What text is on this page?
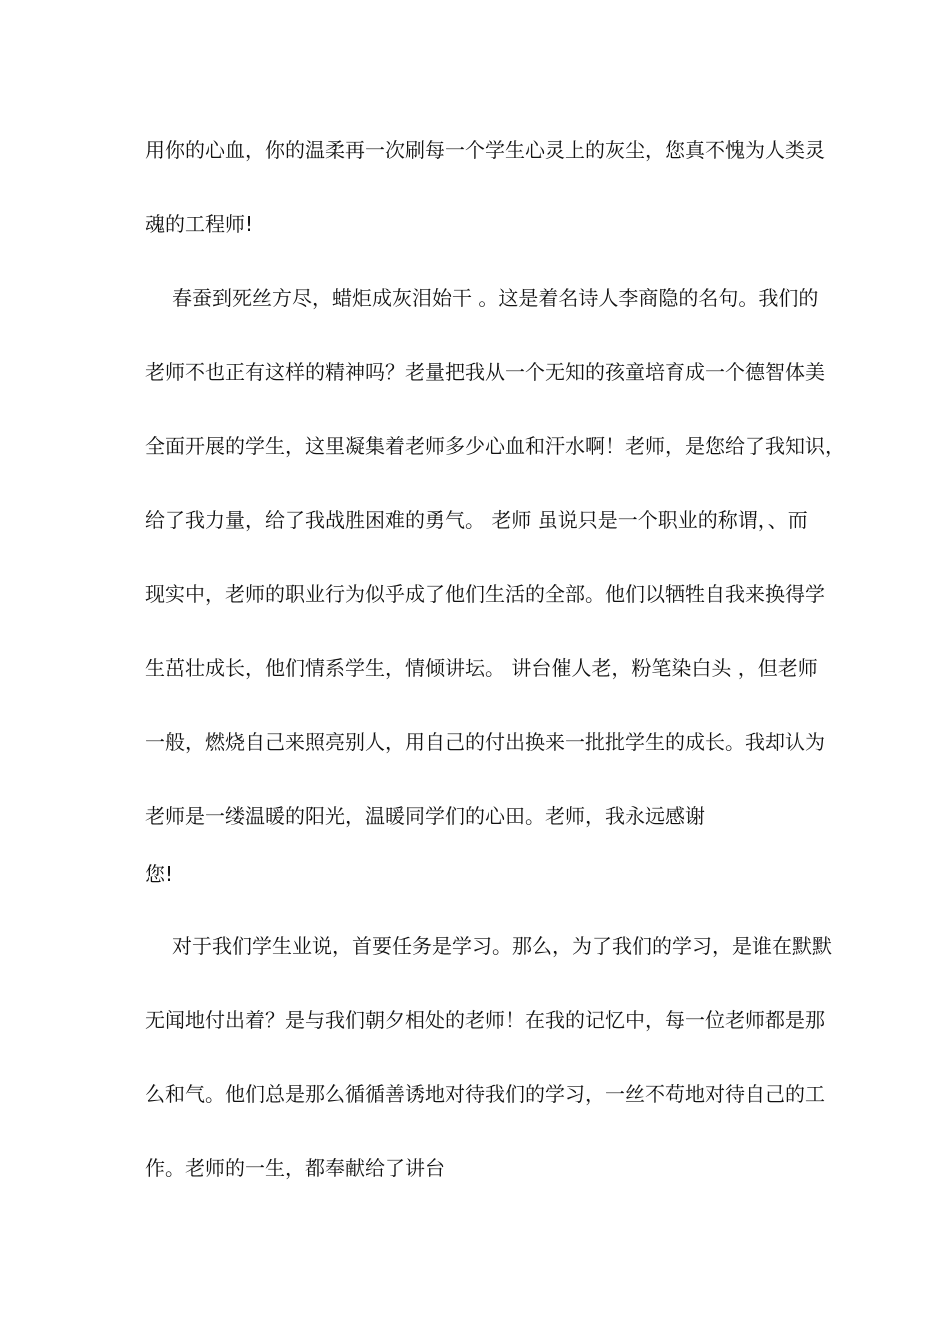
用你的心血，你的温柔再一次刷每一个学生心灵上的灰尘，您真不愧为人类灵
魂的工程师!
春蚕到死丝方尽，蜡炬成灰泪始干 。这是着名诗人李商隐的名句。我们的
老师不也正有这样的精神吗？老量把我从一个无知的孩童培育成一个德智体美
全面开展的学生，这里凝集着老师多少心血和汗水啊！老师，是您给了我知识，
给了我力量，给了我战胜困难的勇气。 老师 虽说只是一个职业的称谓，、而
现实中，老师的职业行为似乎成了他们生活的全部。他们以牺牲自我来换得学
生茁壮成长，他们情系学生，情倾讲坛。 讲台催人老，粉笔染白头 ，但老师
一般，燃烧自己来照亮别人，用自己的付出换来一批批学生的成长。我却认为
老师是一缕温暖的阳光，温暖同学们的心田。老师，我永远感谢
您!
对于我们学生业说，首要任务是学习。那么，为了我们的学习，是谁在默默
无闻地付出着？是与我们朝夕相处的老师！在我的记忆中，每一位老师都是那
么和气。他们总是那么循循善诱地对待我们的学习，一丝不苟地对待自己的工
作。老师的一生，都奉献给了讲台
